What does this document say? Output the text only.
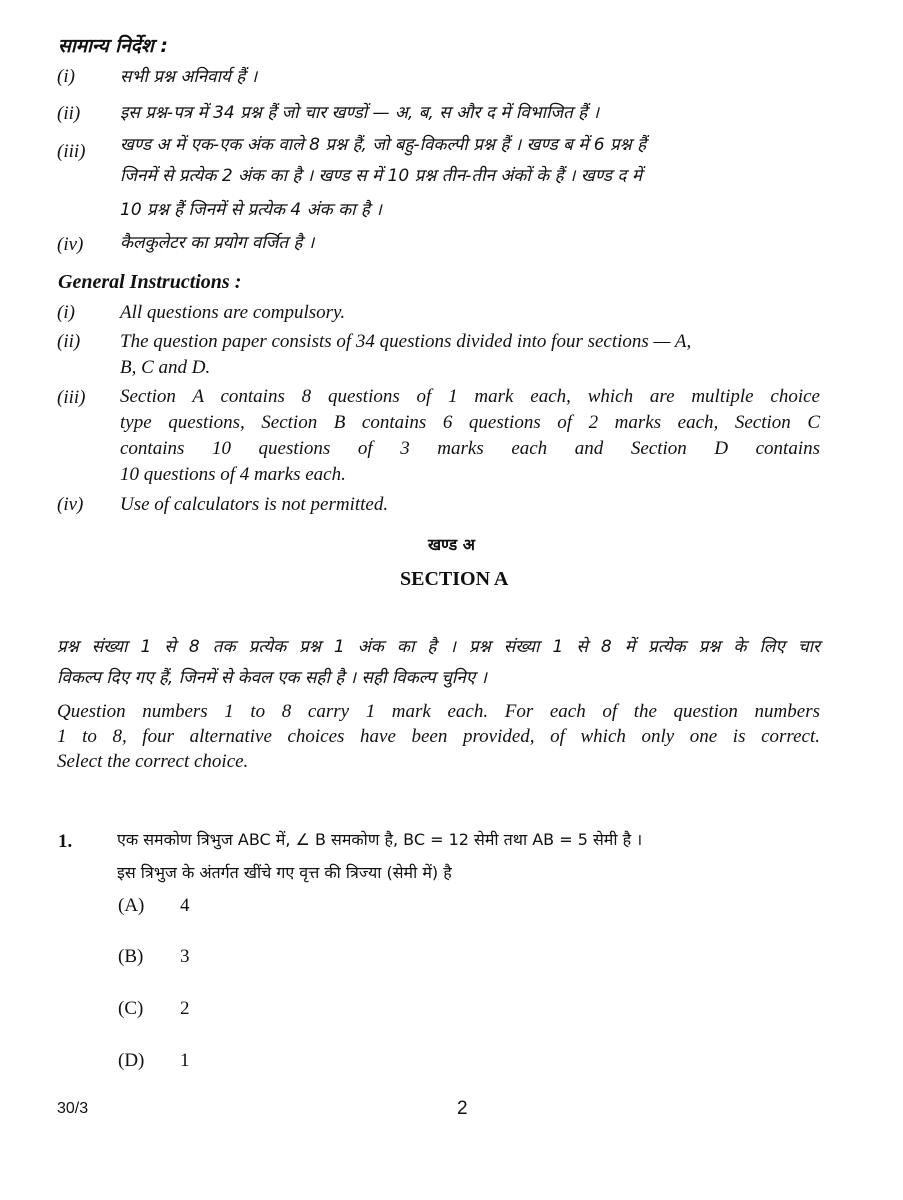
सामान्य निर्देश :
(i)	सभी प्रश्न अनिवार्य हैं ।
(ii)	इस प्रश्न-पत्र में 34 प्रश्न हैं जो चार खण्डों — अ, ब, स और द में विभाजित हैं ।
(iii)	खण्ड अ में एक-एक अंक वाले 8 प्रश्न हैं, जो बहु-विकल्पी प्रश्न हैं । खण्ड ब में 6 प्रश्न हैं
जिनमें से प्रत्येक 2 अंक का है । खण्ड स में 10 प्रश्न तीन-तीन अंकों के हैं । खण्ड द में
10 प्रश्न हैं जिनमें से प्रत्येक 4 अंक का है ।
(iv)	कैलकुलेटर का प्रयोग वर्जित है ।
General Instructions :
(i)	All questions are compulsory.
(ii)	The question paper consists of 34 questions divided into four sections — A,
B, C and D.
(iii)	Section A contains 8 questions of 1 mark each, which are multiple choice
type questions, Section B contains 6 questions of 2 marks each, Section C
contains 10 questions of 3 marks each and Section D contains
10 questions of 4 marks each.
(iv)	Use of calculators is not permitted.
खण्ड अ
SECTION A
प्रश्न संख्या 1 से 8 तक प्रत्येक प्रश्न 1 अंक का है । प्रश्न संख्या 1 से 8 में प्रत्येक प्रश्न के लिए चार
विकल्प दिए गए हैं, जिनमें से केवल एक सही है । सही विकल्प चुनिए ।
Question numbers 1 to 8 carry 1 mark each. For each of the question numbers
1 to 8, four alternative choices have been provided, of which only one is correct.
Select the correct choice.
1.	एक समकोण त्रिभुज ABC में, ∠ B समकोण है, BC = 12 सेमी तथा AB = 5 सेमी है ।
इस त्रिभुज के अंतर्गत खींचे गए वृत्त की त्रिज्या (सेमी में) है
(A) 4
(B) 3
(C) 2
(D) 1
30/3	2
